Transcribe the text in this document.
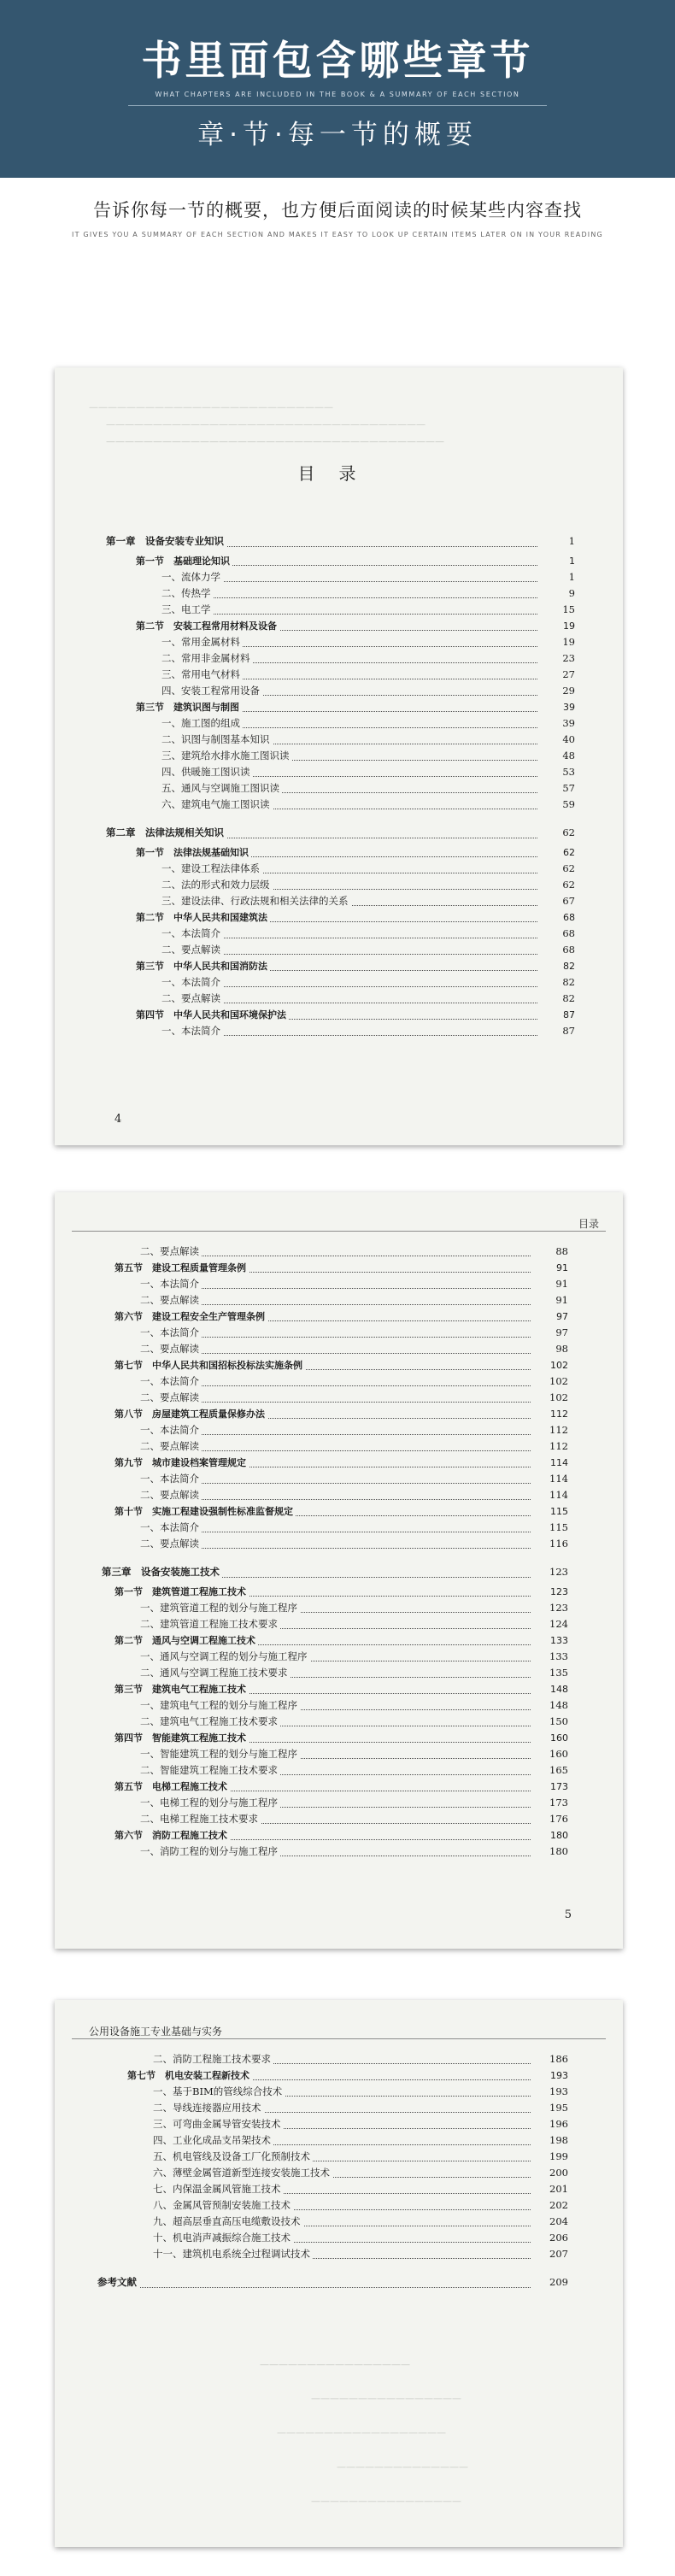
书里面包含哪些章节
WHAT CHAPTERS ARE INCLUDED IN THE BOOK & A SUMMARY OF EACH SECTION
章·节·每一节的概要
告诉你每一节的概要，也方便后面阅读的时候某些内容查找
IT GIVES YOU A SUMMARY OF EACH SECTION AND MAKES IT EASY TO LOOK UP CERTAIN ITEMS LATER ON IN YOUR READING
——————————————————————————
——————————————————————————————————
————————————————————————————————————
目录
第一章　设备安装专业知识	1
第一节　基础理论知识	1
一、流体力学	1
二、传热学	9
三、电工学	15
第二节　安装工程常用材料及设备	19
一、常用金属材料	19
二、常用非金属材料	23
三、常用电气材料	27
四、安装工程常用设备	29
第三节　建筑识图与制图	39
一、施工图的组成	39
二、识图与制图基本知识	40
三、建筑给水排水施工图识读	48
四、供暖施工图识读	53
五、通风与空调施工图识读	57
六、建筑电气施工图识读	59
第二章　法律法规相关知识	62
第一节　法律法规基础知识	62
一、建设工程法律体系	62
二、法的形式和效力层级	62
三、建设法律、行政法规和相关法律的关系	67
第二节　中华人民共和国建筑法	68
一、本法简介	68
二、要点解读	68
第三节　中华人民共和国消防法	82
一、本法简介	82
二、要点解读	82
第四节　中华人民共和国环境保护法	87
一、本法简介	87
4
目录
二、要点解读	88
第五节　建设工程质量管理条例	91
一、本法简介	91
二、要点解读	91
第六节　建设工程安全生产管理条例	97
一、本法简介	97
二、要点解读	98
第七节　中华人民共和国招标投标法实施条例	102
一、本法简介	102
二、要点解读	102
第八节　房屋建筑工程质量保修办法	112
一、本法简介	112
二、要点解读	112
第九节　城市建设档案管理规定	114
一、本法简介	114
二、要点解读	114
第十节　实施工程建设强制性标准监督规定	115
一、本法简介	115
二、要点解读	116
第三章　设备安装施工技术	123
第一节　建筑管道工程施工技术	123
一、建筑管道工程的划分与施工程序	123
二、建筑管道工程施工技术要求	124
第二节　通风与空调工程施工技术	133
一、通风与空调工程的划分与施工程序	133
二、通风与空调工程施工技术要求	135
第三节　建筑电气工程施工技术	148
一、建筑电气工程的划分与施工程序	148
二、建筑电气工程施工技术要求	150
第四节　智能建筑工程施工技术	160
一、智能建筑工程的划分与施工程序	160
二、智能建筑工程施工技术要求	165
第五节　电梯工程施工技术	173
一、电梯工程的划分与施工程序	173
二、电梯工程施工技术要求	176
第六节　消防工程施工技术	180
一、消防工程的划分与施工程序	180
5
公用设备施工专业基础与实务
二、消防工程施工技术要求	186
第七节　机电安装工程新技术	193
一、基于BIM的管线综合技术	193
二、导线连接器应用技术	195
三、可弯曲金属导管安装技术	196
四、工业化成品支吊架技术	198
五、机电管线及设备工厂化预制技术	199
六、薄壁金属管道新型连接安装施工技术	200
七、内保温金属风管施工技术	201
八、金属风管预制安装施工技术	202
九、超高层垂直高压电缆敷设技术	204
十、机电消声减振综合施工技术	206
十一、建筑机电系统全过程调试技术	207
参考文献	209
————————————————
————————————————
——————————————————
——————————————
————————————————
